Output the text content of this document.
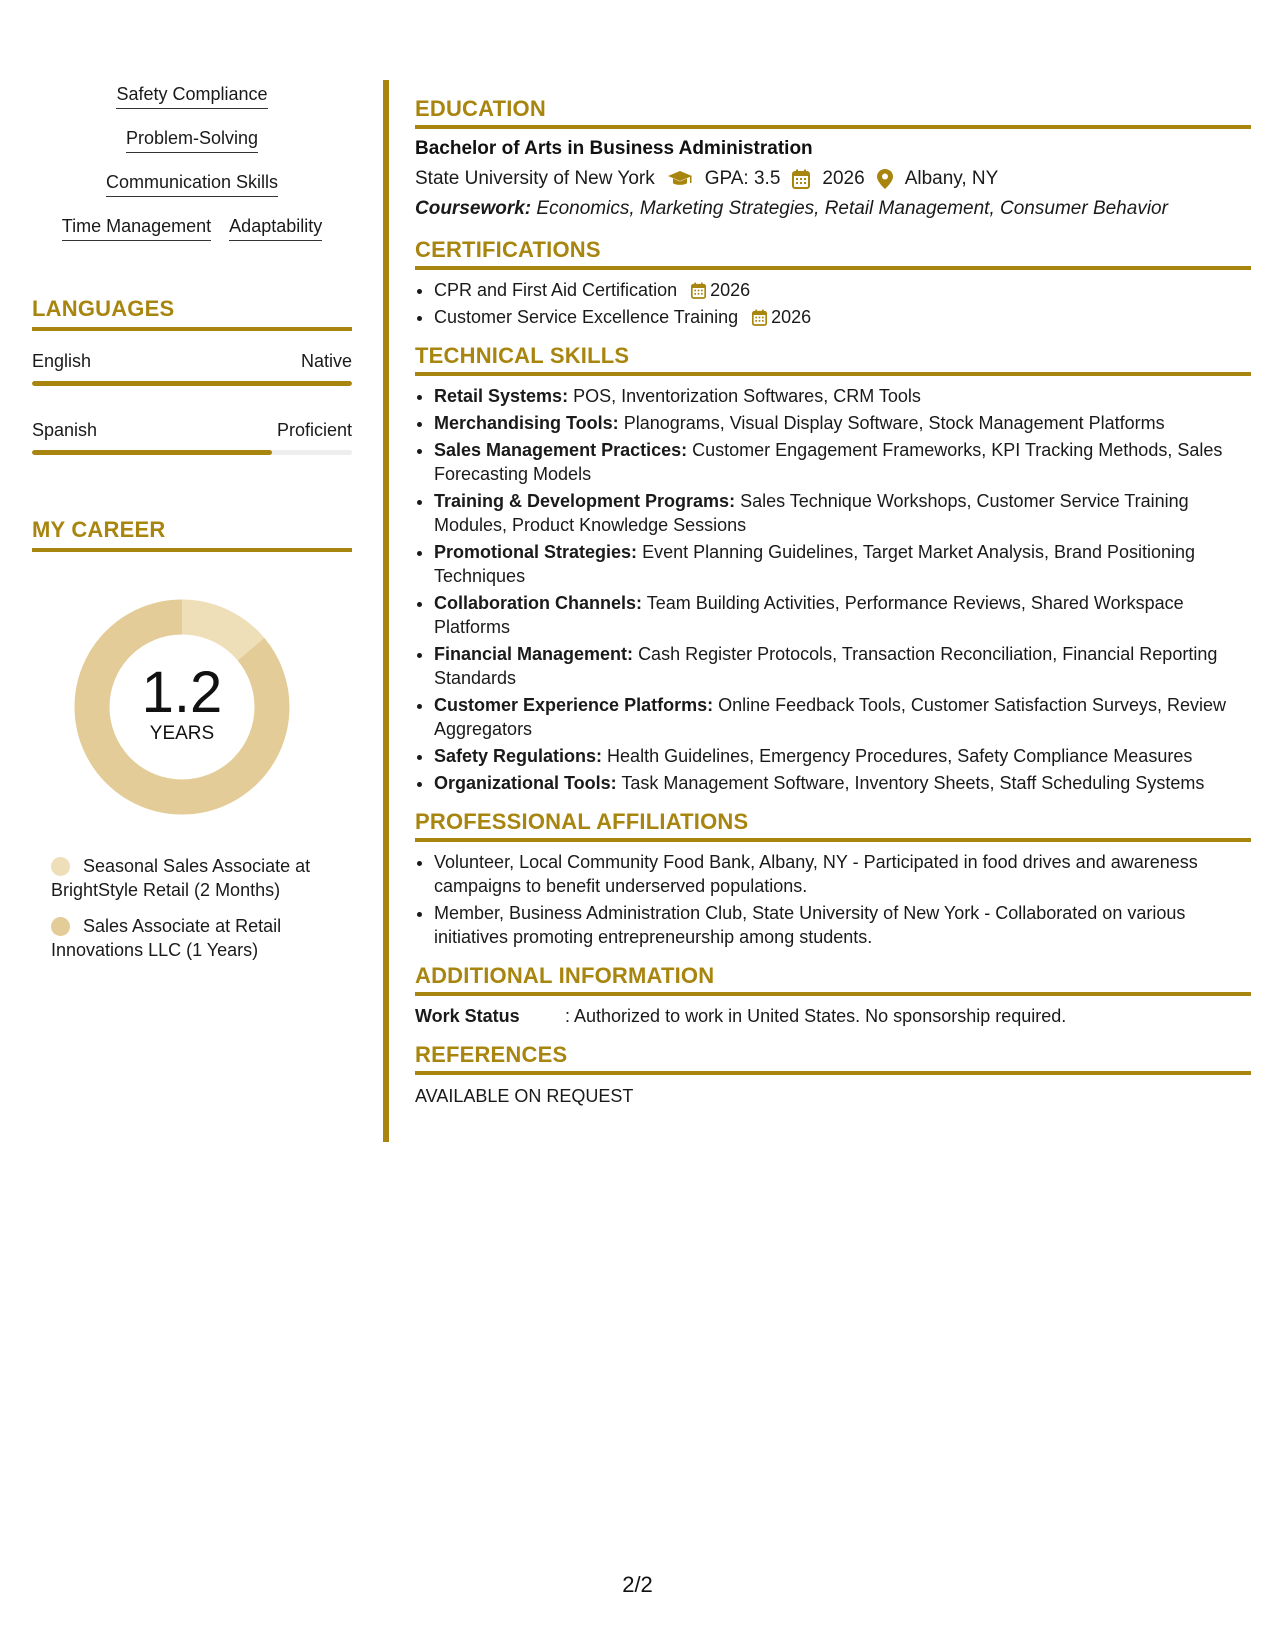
Safety Compliance
Problem-Solving
Communication Skills
Time Management Adaptability
LANGUAGES
English	Native
Spanish	Proficient
MY CAREER
1.2
YEARS
Seasonal Sales Associate at BrightStyle Retail (2 Months)
Sales Associate at Retail Innovations LLC (1 Years)
EDUCATION
Bachelor of Arts in Business Administration
State University of New York	GPA: 3.5 2026 Albany, NY
Coursework: Economics, Marketing Strategies, Retail Management, Consumer Behavior
CERTIFICATIONS
• CPR and First Aid Certification 2026
• Customer Service Excellence Training 2026
TECHNICAL SKILLS
• Retail Systems: POS, Inventorization Softwares, CRM Tools
• Merchandising Tools: Planograms, Visual Display Software, Stock Management Platforms
• Sales Management Practices: Customer Engagement Frameworks, KPI Tracking Methods, Sales Forecasting Models
• Training & Development Programs: Sales Technique Workshops, Customer Service Training Modules, Product Knowledge Sessions
• Promotional Strategies: Event Planning Guidelines, Target Market Analysis, Brand Positioning Techniques
• Collaboration Channels: Team Building Activities, Performance Reviews, Shared Workspace Platforms
• Financial Management: Cash Register Protocols, Transaction Reconciliation, Financial Reporting Standards
• Customer Experience Platforms: Online Feedback Tools, Customer Satisfaction Surveys, Review Aggregators
• Safety Regulations: Health Guidelines, Emergency Procedures, Safety Compliance Measures
• Organizational Tools: Task Management Software, Inventory Sheets, Staff Scheduling Systems
PROFESSIONAL AFFILIATIONS
• Volunteer, Local Community Food Bank, Albany, NY - Participated in food drives and awareness campaigns to benefit underserved populations.
• Member, Business Administration Club, State University of New York - Collaborated on various initiatives promoting entrepreneurship among students.
ADDITIONAL INFORMATION
Work Status	: Authorized to work in United States. No sponsorship required.
REFERENCES
AVAILABLE ON REQUEST
2/2
